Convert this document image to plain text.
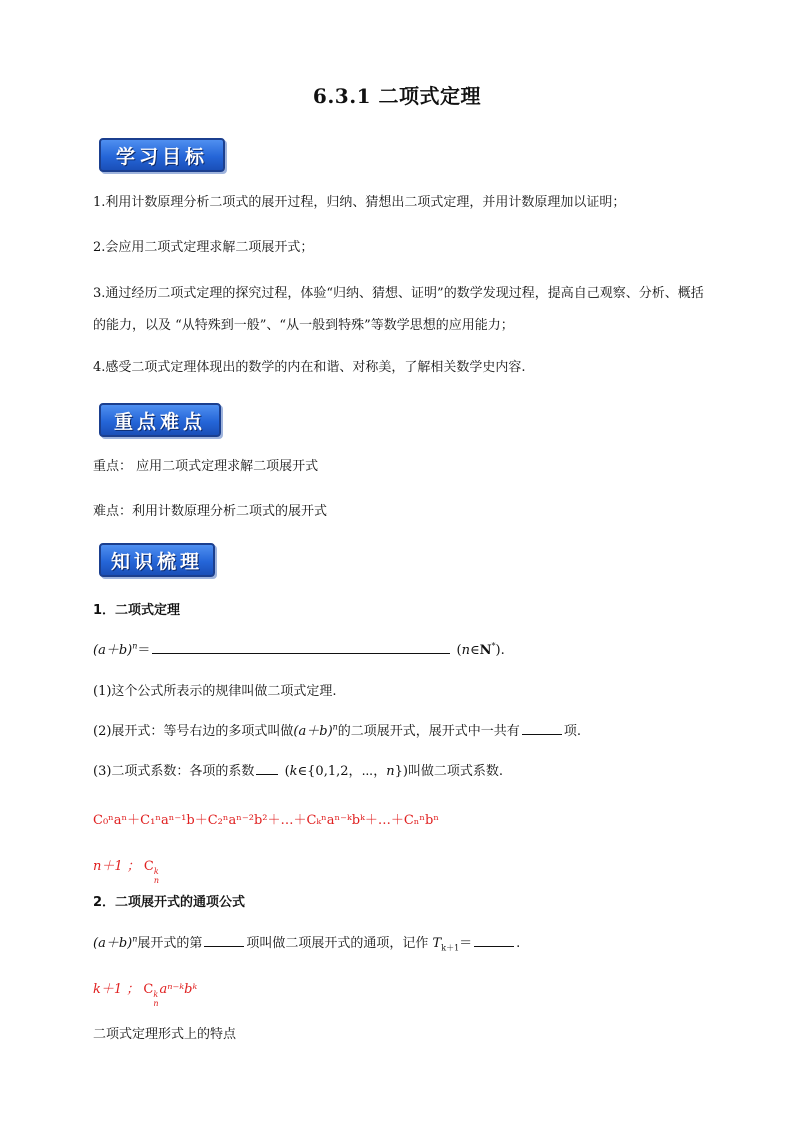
6.3.1 二项式定理
学习目标
1.利用计数原理分析二项式的展开过程，归纳、猜想出二项式定理，并用计数原理加以证明；
2.会应用二项式定理求解二项展开式；
3.通过经历二项式定理的探究过程，体验“归纳、猜想、证明”的数学发现过程，提高自己观察、分析、概括的能力，以及 “从特殊到一般”、“从一般到特殊”等数学思想的应用能力；
4.感受二项式定理体现出的数学的内在和谐、对称美，了解相关数学史内容.
重点难点
重点： 应用二项式定理求解二项展开式
难点：利用计数原理分析二项式的展开式
知识梳理
1．二项式定理
$(a+b)^n=$	(n∈N*).
(1)这个公式所表示的规律叫做二项式定理.
(2)展开式：等号右边的多项式叫做$(a+b)^n$的二项展开式，展开式中一共有	项.
(3)二项式系数：各项的系数 (k∈{0,1,2，⋯，n})叫做二项式系数.
C₀ⁿaⁿ＋C₁ⁿaⁿ⁻¹b＋C₂ⁿaⁿ⁻²b²＋…＋Cₖⁿaⁿ⁻ᵏbᵏ＋…＋Cₙⁿbⁿ
n＋1 ； C k
n
2．二项展开式的通项公式
$(a+b)^n$展开式的第	项叫做二项展开式的通项，记作 $T_{k+1}=$	.
k＋1 ； C k
n
aⁿ⁻ᵏbᵏ
二项式定理形式上的特点
